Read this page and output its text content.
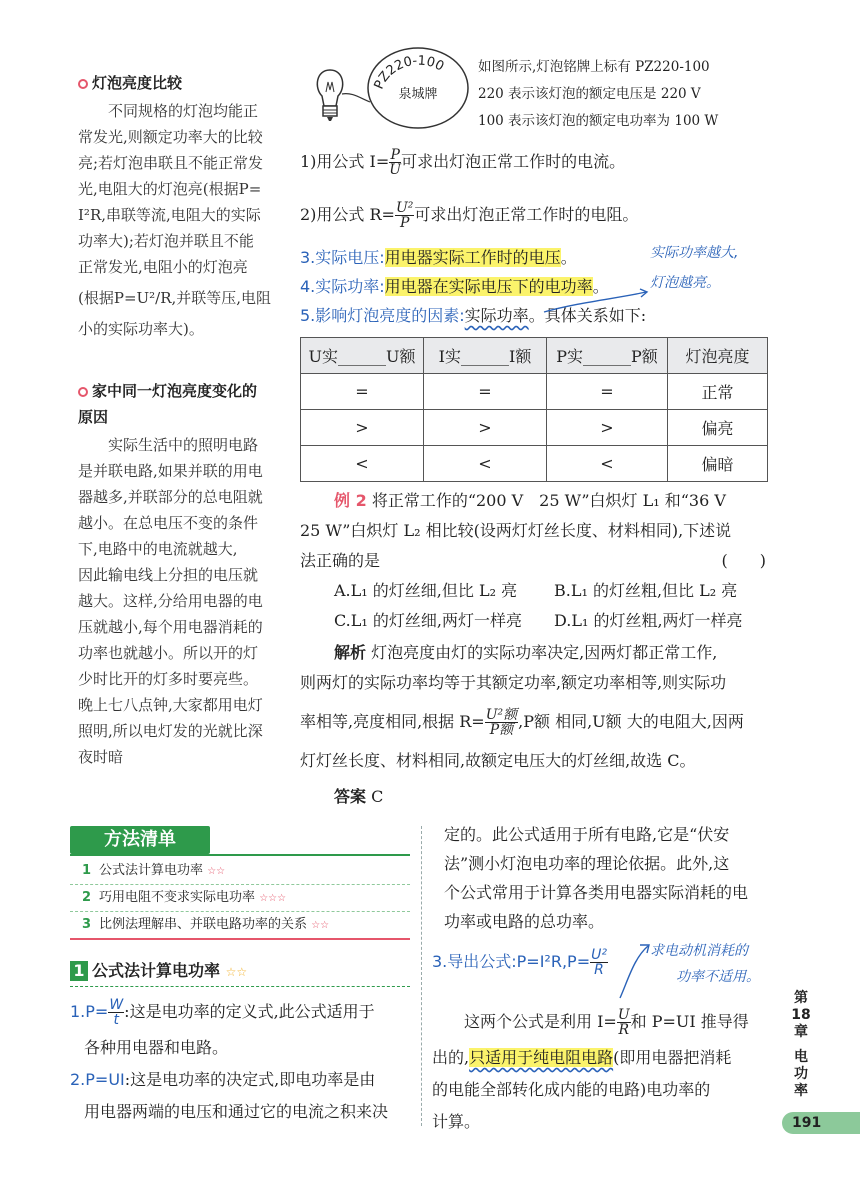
灯泡亮度比较
不同规格的灯泡均能正
常发光,则额定功率大的比较
亮;若灯泡串联且不能正常发
光,电阻大的灯泡亮(根据P=
I²R,串联等流,电阻大的实际
功率大);若灯泡并联且不能
正常发光,电阻小的灯泡亮
(根据P=U²/R,并联等压,电阻
小的实际功率大)。
家中同一灯泡亮度变化的
原因
实际生活中的照明电路
是并联电路,如果并联的用电
器越多,并联部分的总电阻就
越小。在总电压不变的条件
下,电路中的电流就越大,
因此输电线上分担的电压就
越大。这样,分给用电器的电
压就越小,每个用电器消耗的
功率也就越小。所以开的灯
少时比开的灯多时要亮些。
晚上七八点钟,大家都用电灯
照明,所以电灯发的光就比深
夜时暗
PZ220-100
泉城牌
如图所示,灯泡铭牌上标有 PZ220-100
220 表示该灯泡的额定电压是 220 V
100 表示该灯泡的额定电功率为 100 W
1)用公式 $I= \frac{P}{U}$ 可求出灯泡正常工作时的电流。
2)用公式 $R= \frac{\text{U²}}{P}$ 可求出灯泡正常工作时的电阻。
3.实际电压:用电器实际工作时的电压。
4.实际功率:用电器在实际电压下的电功率。
5.影响灯泡亮度的因素:实际功率。具体关系如下:
实际功率越大,
灯泡越亮。
U实______U额	I实______I额	P实______P额	灯泡亮度
=	=	=	正常
>	>	>	偏亮
<	<	<	偏暗
例 2 将正常工作的“200 V　25 W”白炽灯 L₁ 和“36 V
25 W”白炽灯 L₂ 相比较(设两灯灯丝长度、材料相同),下述说
法正确的是	(　　)
A.L₁ 的灯丝细,但比 L₂ 亮	B.L₁ 的灯丝粗,但比 L₂ 亮
C.L₁ 的灯丝细,两灯一样亮	D.L₁ 的灯丝粗,两灯一样亮
解析 灯泡亮度由灯的实际功率决定,因两灯都正常工作,
则两灯的实际功率均等于其额定功率,额定功率相等,则实际功
率相等,亮度相同,根据 $R= \frac{\text{U²额}}{\text{P额}} ,P$额 相同,U额 大的电阻大,因两
灯灯丝长度、材料相同,故额定电压大的灯丝细,故选 C。
答案 C
方法清单
1 公式法计算电功率 ☆☆
2 巧用电阻不变求实际电功率 ☆☆☆
3 比例法理解串、并联电路功率的关系 ☆☆
1 公式法计算电功率 ☆☆
$1.P= \frac{W}{t}$ :这是电功率的定义式,此公式适用于
各种用电器和电路。
2.P=UI:这是电功率的决定式,即电功率是由
用电器两端的电压和通过它的电流之积来决
定的。此公式适用于所有电路,它是“伏安
法”测小灯泡电功率的理论依据。此外,这
个公式常用于计算各类用电器实际消耗的电
功率或电路的总功率。
3.导出公式:P=I²R,P= $\frac{\text{U²}}{R}$	求电动机消耗的
功率不适用。
这两个公式是利用 $I= \frac{U}{R}$ 和 P=UI 推导得
出的,只适用于纯电阻电路(即用电器把消耗
的电能全部转化成内能的电路)电功率的
计算。
第
18
章
电
功
率
191
